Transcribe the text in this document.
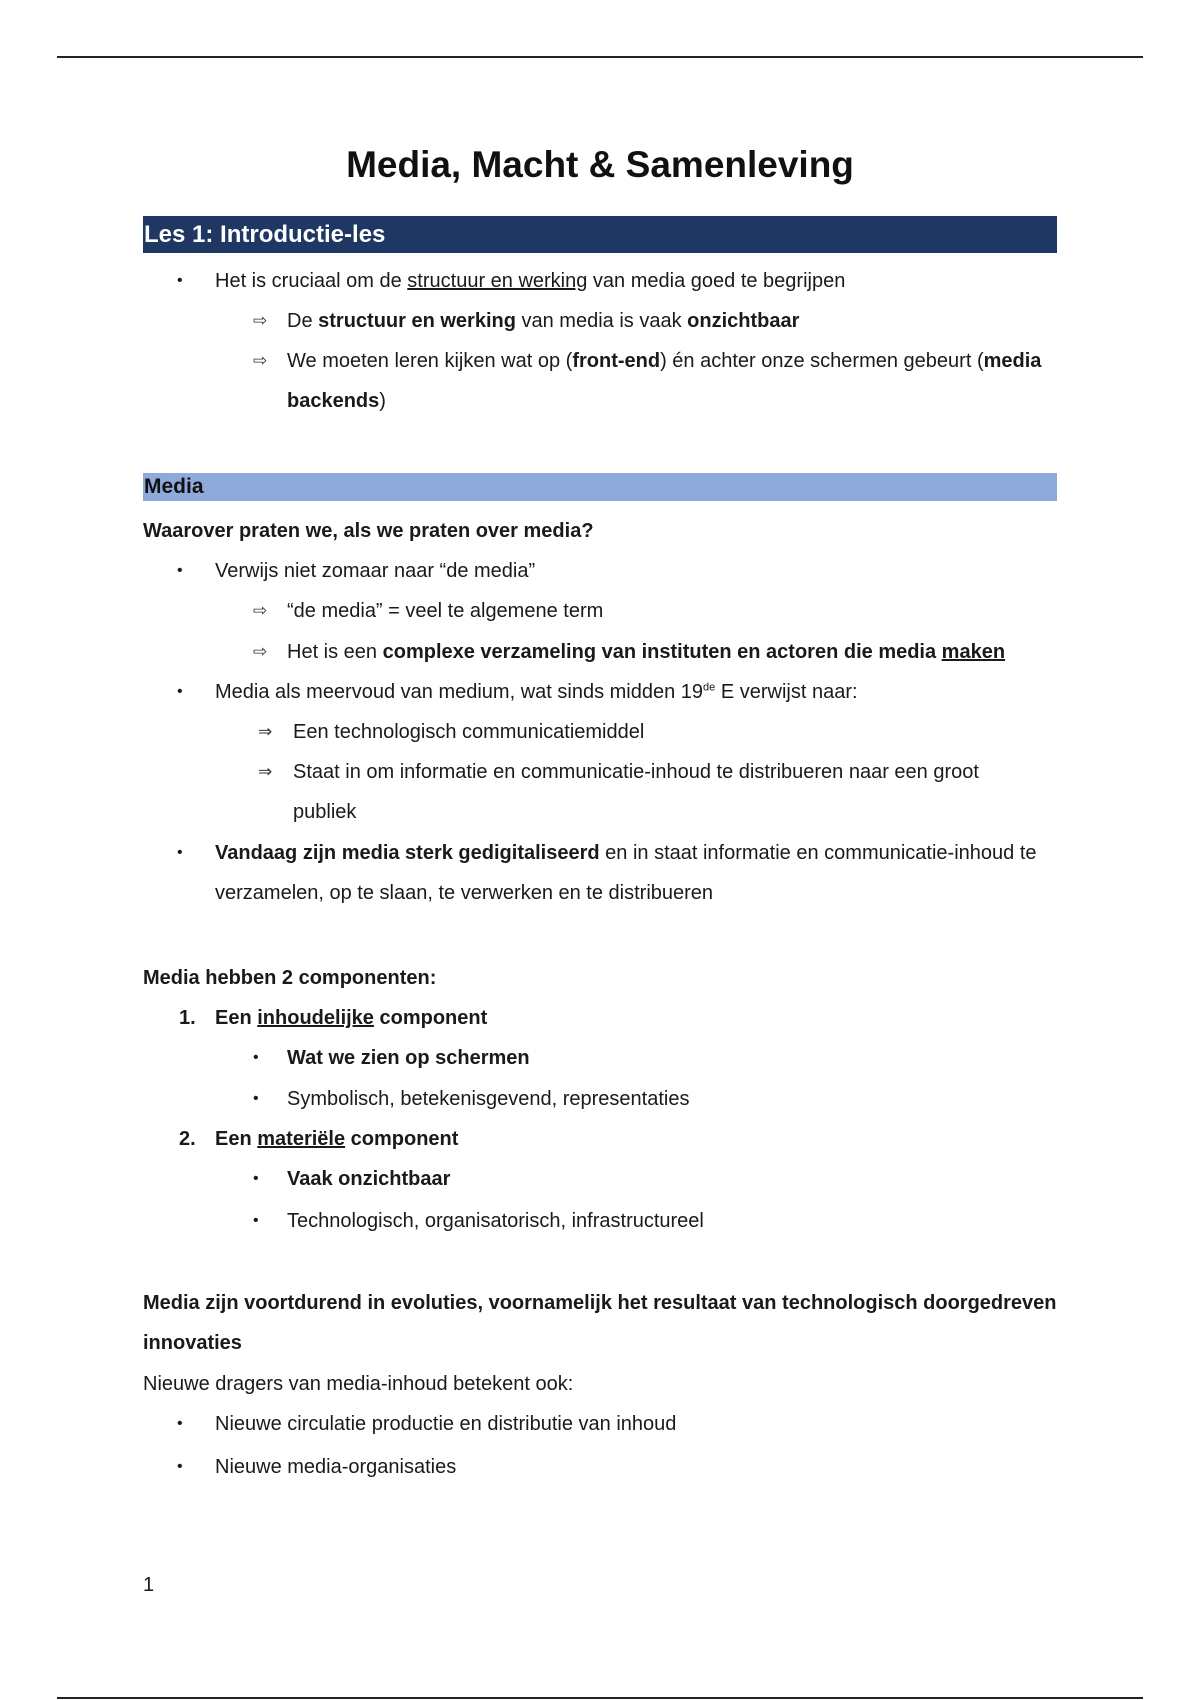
Media, Macht & Samenleving
Les 1: Introductie-les
• Het is cruciaal om de structuur en werking van media goed te begrijpen
⇨ De structuur en werking van media is vaak onzichtbaar
⇨ We moeten leren kijken wat op (front-end) én achter onze schermen gebeurt (media
backends)
Media
Waarover praten we, als we praten over media?
• Verwijs niet zomaar naar “de media”
⇨ “de media” = veel te algemene term
⇨ Het is een complexe verzameling van instituten en actoren die media maken
• Media als meervoud van medium, wat sinds midden 19de E verwijst naar:
⇒ Een technologisch communicatiemiddel
⇒ Staat in om informatie en communicatie-inhoud te distribueren naar een groot
publiek
• Vandaag zijn media sterk gedigitaliseerd en in staat informatie en communicatie-inhoud te
verzamelen, op te slaan, te verwerken en te distribueren
Media hebben 2 componenten:
1. Een inhoudelijke component
• Wat we zien op schermen
• Symbolisch, betekenisgevend, representaties
2. Een materiële component
• Vaak onzichtbaar
• Technologisch, organisatorisch, infrastructureel
Media zijn voortdurend in evoluties, voornamelijk het resultaat van technologisch doorgedreven
innovaties
Nieuwe dragers van media-inhoud betekent ook:
• Nieuwe circulatie productie en distributie van inhoud
• Nieuwe media-organisaties
1
